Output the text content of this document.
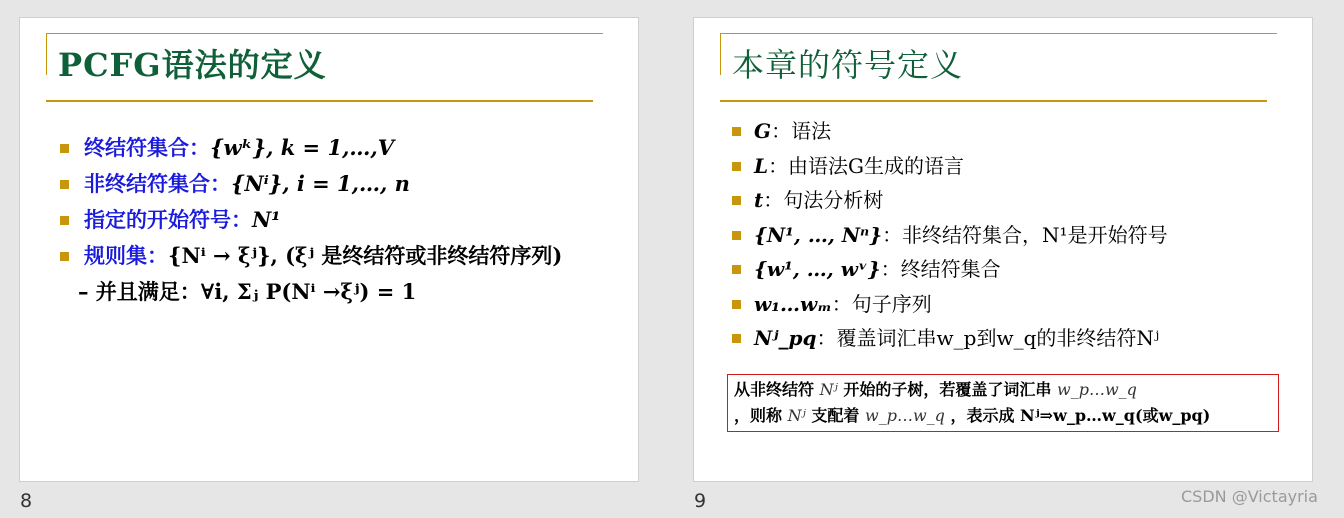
PCFG语法的定义
终结符集合：{wᵏ}, k = 1,…,V
非终结符集合：{Nⁱ}, i = 1,…, n
指定的开始符号：N¹
规则集：{Nⁱ → ξʲ}, (ξʲ 是终结符或非终结符序列)
– 并且满足：∀i, Σⱼ P(Nⁱ →ξʲ) = 1
8
本章的符号定义
G：语法
L：由语法G生成的语言
t：句法分析树
{N¹, …, Nⁿ}：非终结符集合，N¹是开始符号
{w¹, …, wᵛ}：终结符集合
w₁…wₘ：句子序列
Nʲ_pq：覆盖词汇串w_p到w_q的非终结符Nʲ
从非终结符 Nʲ 开始的子树，若覆盖了词汇串 w_p…w_q
，则称 Nʲ 支配着 w_p…w_q ，表示成 Nʲ⇒w_p…w_q(或w_pq)
9	CSDN @Victayria
